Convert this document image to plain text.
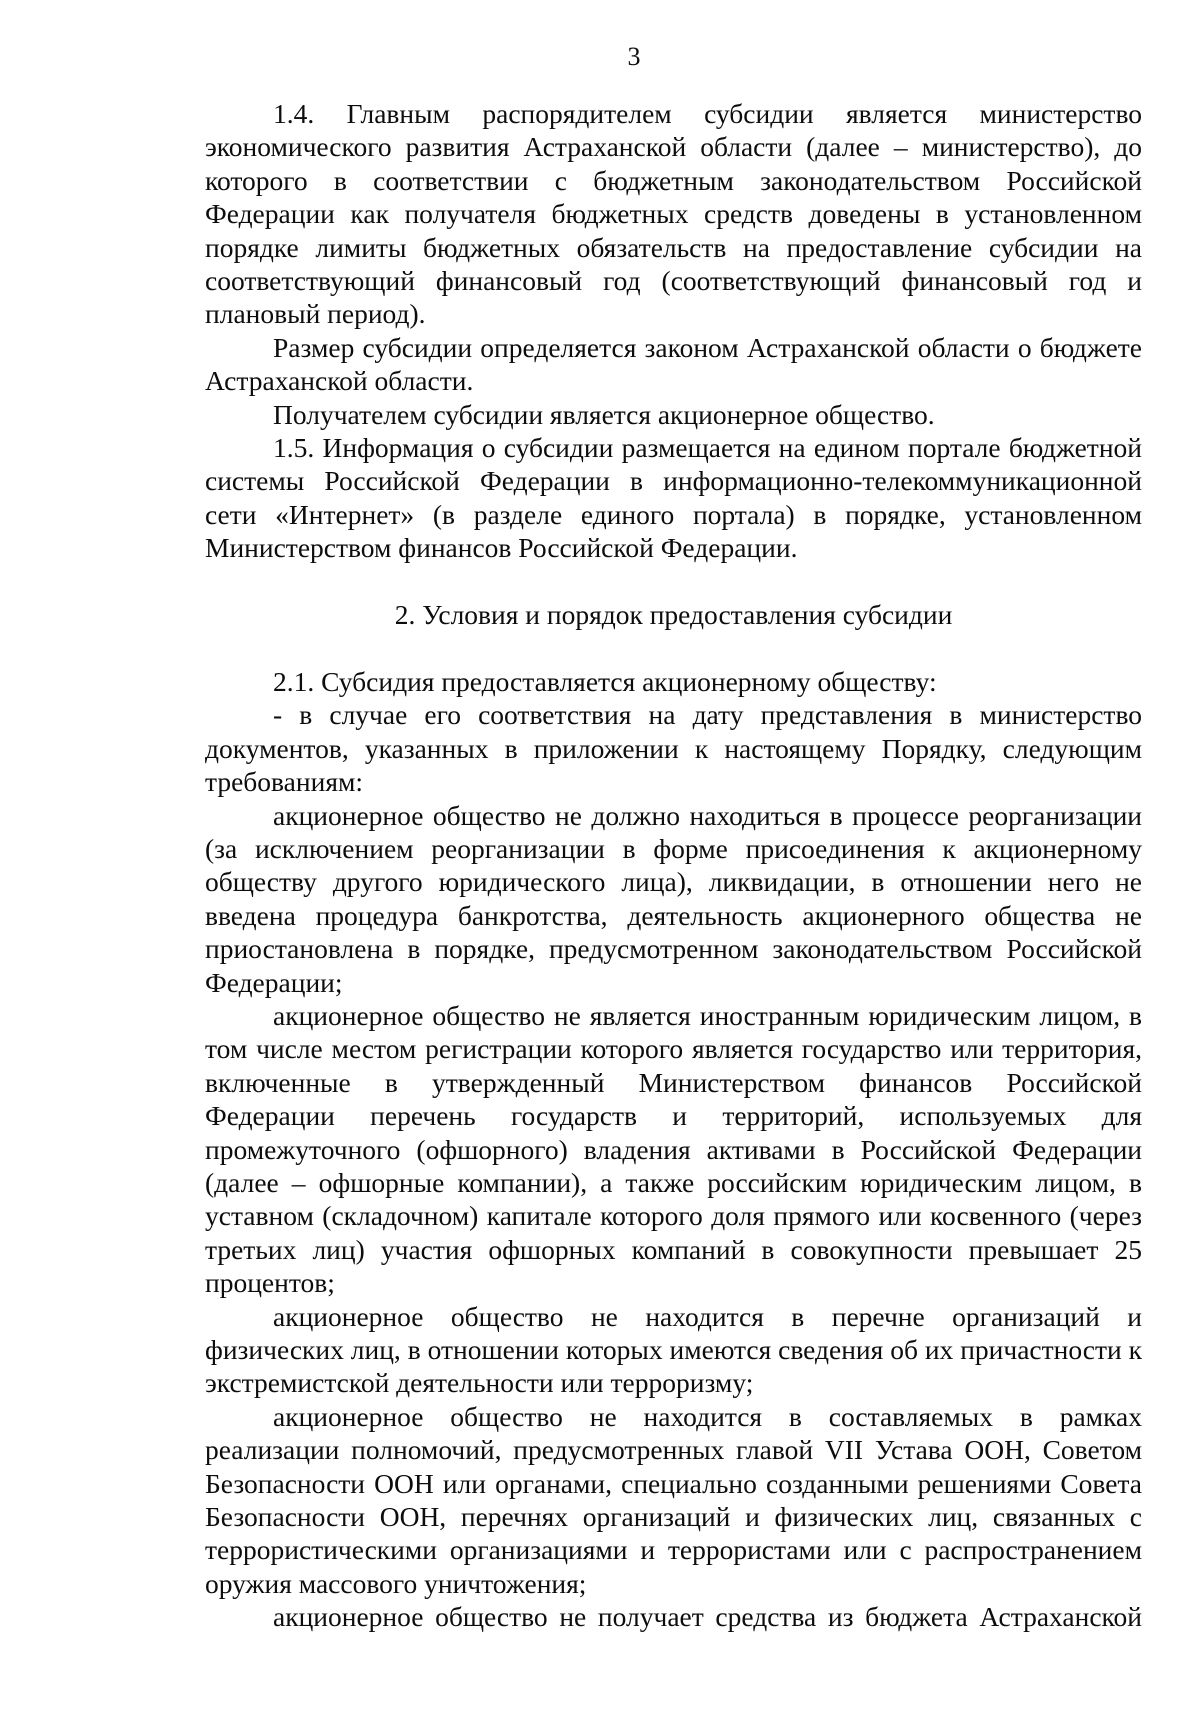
3

1.4. Главным распорядителем субсидии является министерство экономического развития Астраханской области (далее – министерство), до которого в соответствии с бюджетным законодательством Российской Федерации как получателя бюджетных средств доведены в установленном порядке лимиты бюджетных обязательств на предоставление субсидии на соответствующий финансовый год (соответствующий финансовый год и плановый период).

Размер субсидии определяется законом Астраханской области о бюджете Астраханской области.

Получателем субсидии является акционерное общество.

1.5. Информация о субсидии размещается на едином портале бюджетной системы Российской Федерации в информационно-телекоммуникационной сети «Интернет» (в разделе единого портала) в порядке, установленном Министерством финансов Российской Федерации.

2. Условия и порядок предоставления субсидии

2.1. Субсидия предоставляется акционерному обществу:

- в случае его соответствия на дату представления в министерство документов, указанных в приложении к настоящему Порядку, следующим требованиям:

акционерное общество не должно находиться в процессе реорганизации (за исключением реорганизации в форме присоединения к акционерному обществу другого юридического лица), ликвидации, в отношении него не введена процедура банкротства, деятельность акционерного общества не приостановлена в порядке, предусмотренном законодательством Российской Федерации;

акционерное общество не является иностранным юридическим лицом, в том числе местом регистрации которого является государство или территория, включенные в утвержденный Министерством финансов Российской Федерации перечень государств и территорий, используемых для промежуточного (офшорного) владения активами в Российской Федерации (далее – офшорные компании), а также российским юридическим лицом, в уставном (складочном) капитале которого доля прямого или косвенного (через третьих лиц) участия офшорных компаний в совокупности превышает 25 процентов;

акционерное общество не находится в перечне организаций и физических лиц, в отношении которых имеются сведения об их причастности к экстремистской деятельности или терроризму;

акционерное общество не находится в составляемых в рамках реализации полномочий, предусмотренных главой VII Устава ООН, Советом Безопасности ООН или органами, специально созданными решениями Совета Безопасности ООН, перечнях организаций и физических лиц, связанных с террористическими организациями и террористами или с распространением оружия массового уничтожения;

акционерное общество не получает средства из бюджета Астраханской
